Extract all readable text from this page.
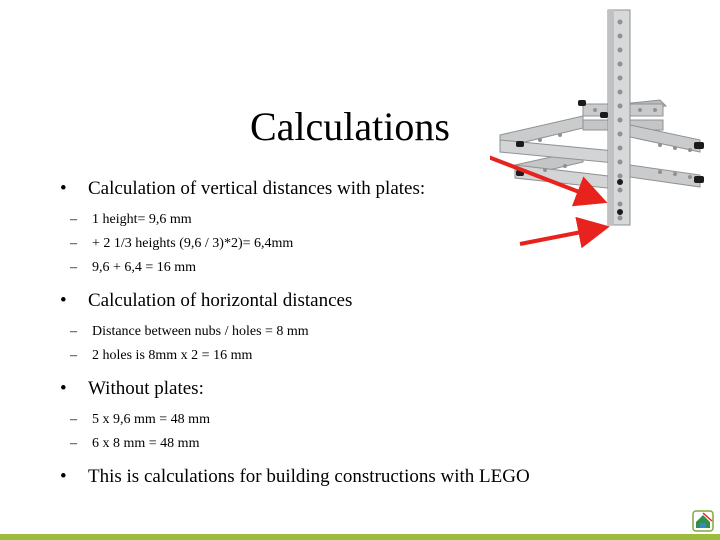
Calculations
• Calculation of vertical distances with plates:
– 1 height= 9,6 mm
– + 2 1/3 heights (9,6 / 3)*2)= 6,4mm
– 9,6 + 6,4 = 16 mm
• Calculation of horizontal distances
– Distance between nubs / holes = 8 mm
– 2 holes is 8mm x 2 = 16 mm
• Without plates:
– 5 x 9,6 mm = 48 mm
– 6 x 8 mm = 48 mm
• This is calculations for building constructions with LEGO
